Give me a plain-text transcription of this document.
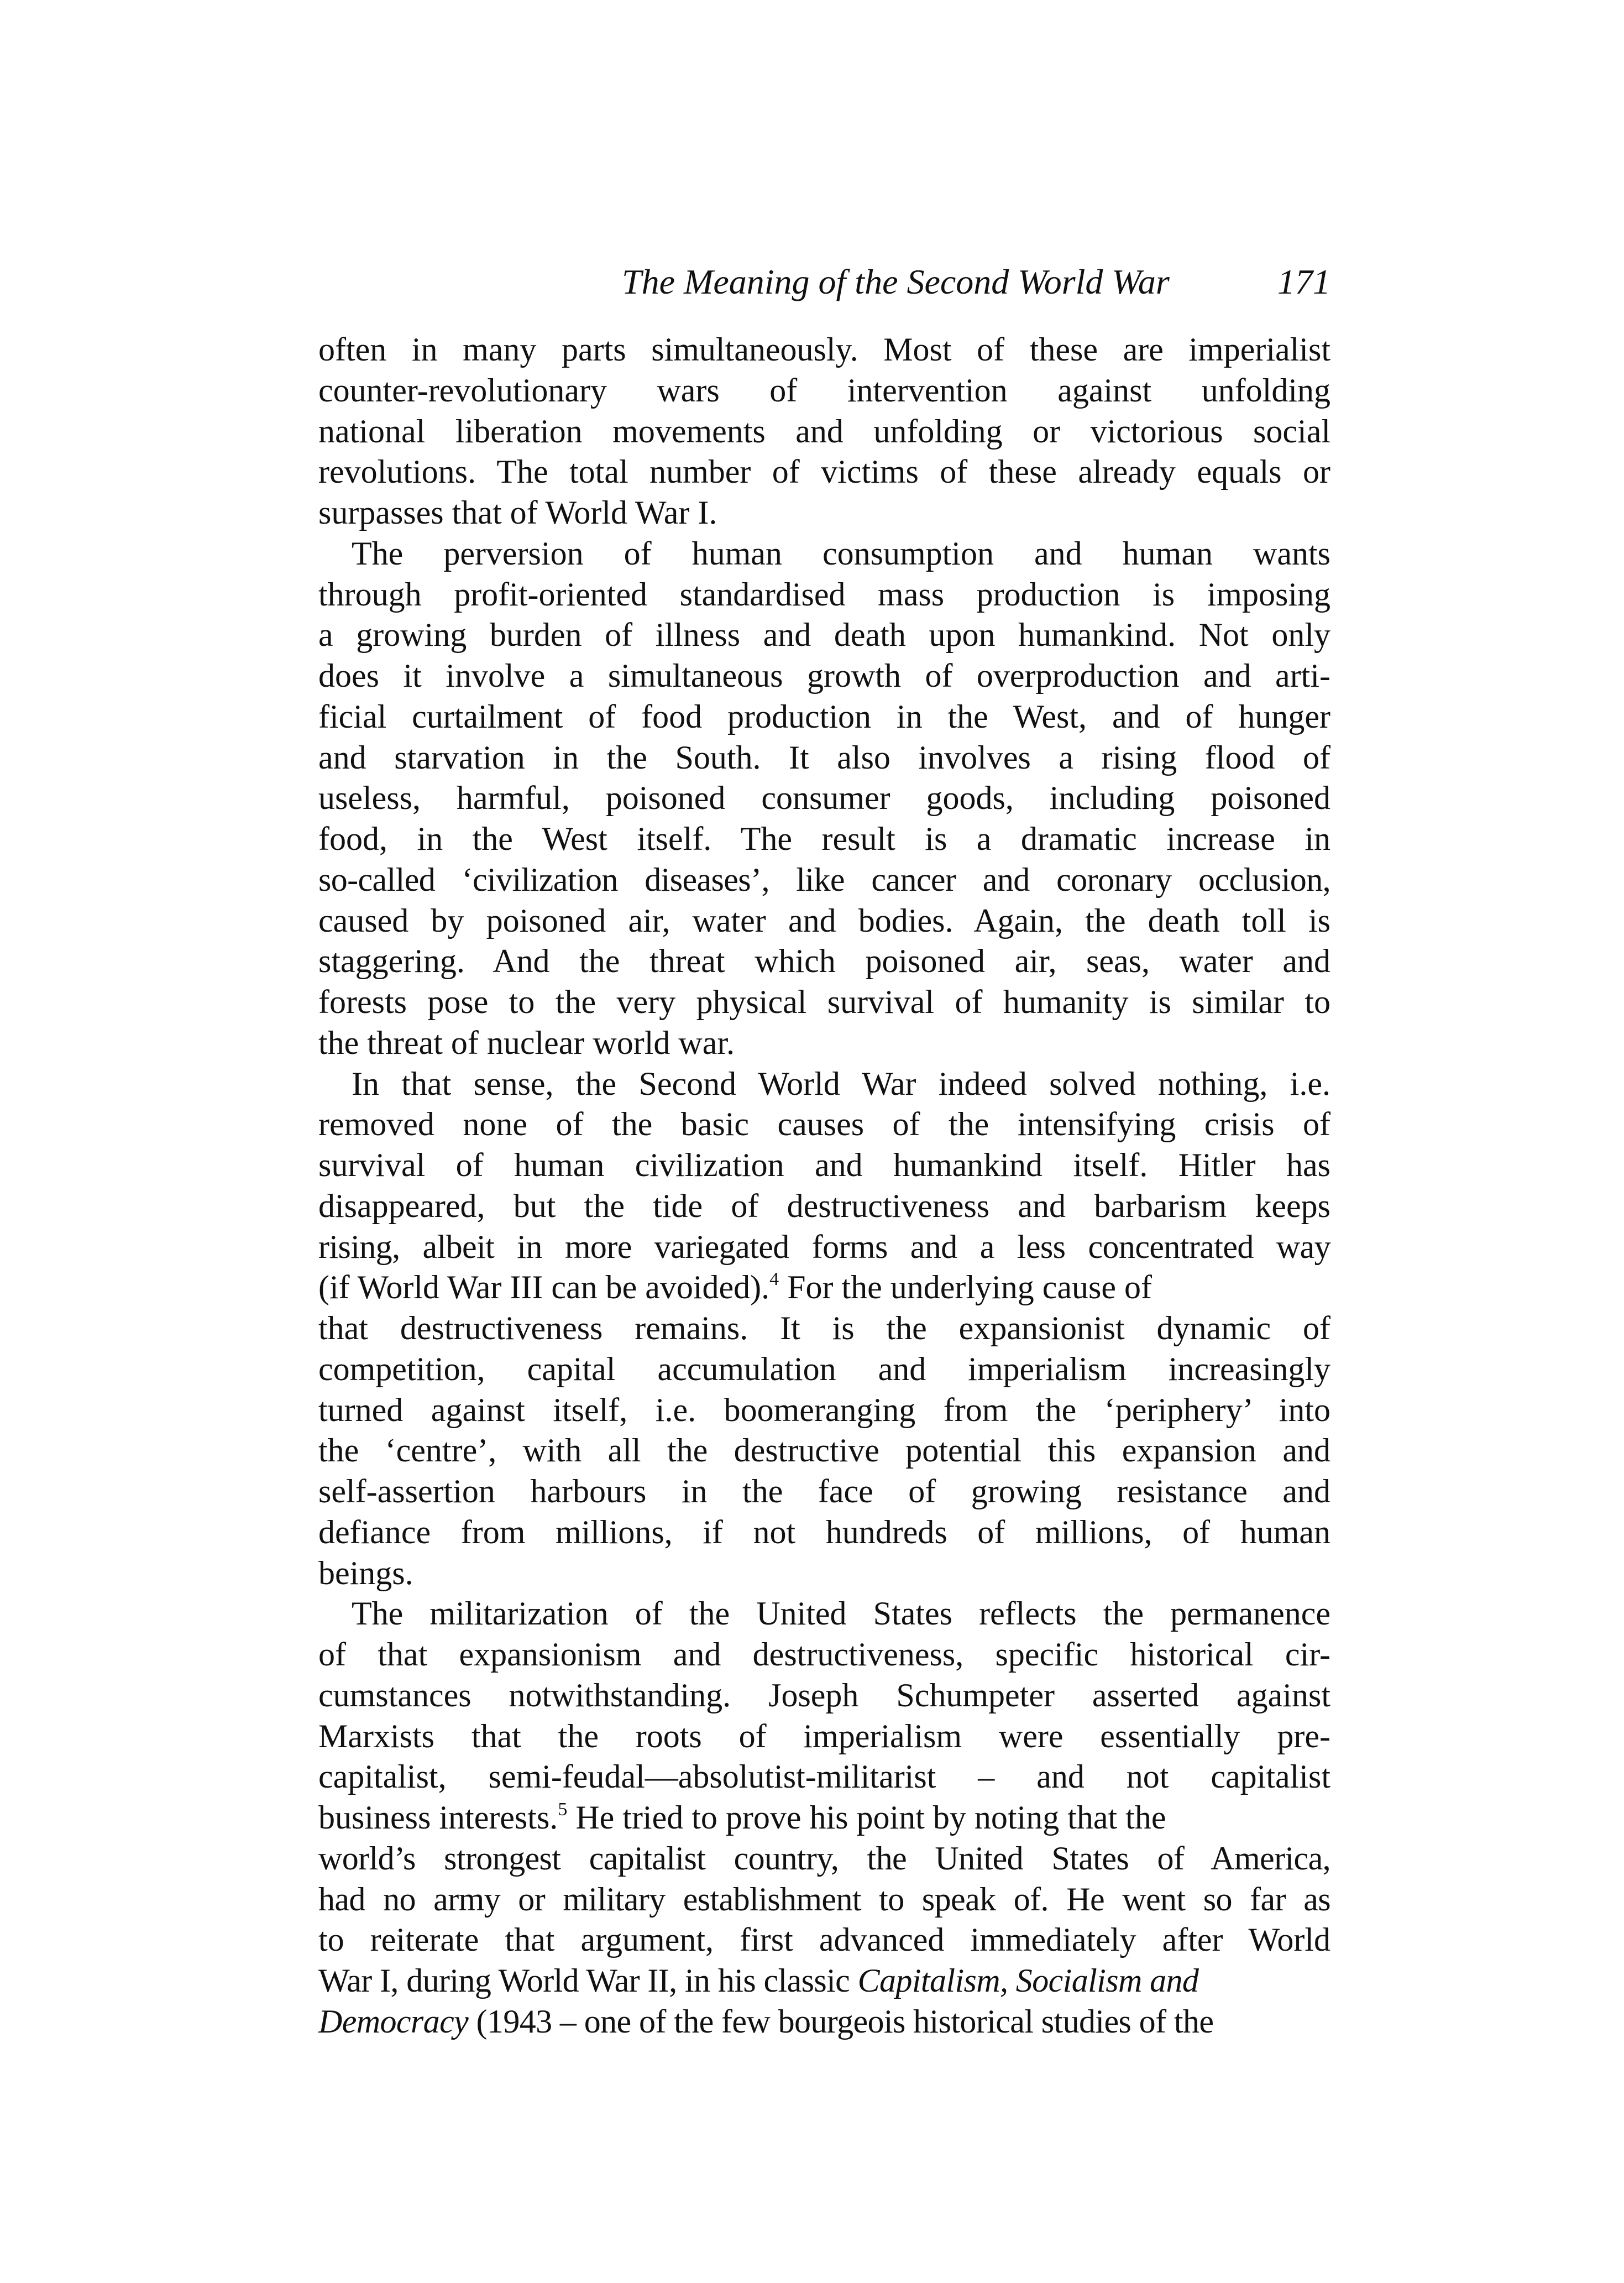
The Meaning of the Second World War	171
often in many parts simultaneously. Most of these are imperialist
counter-revolutionary wars of intervention against unfolding
national liberation movements and unfolding or victorious social
revolutions. The total number of victims of these already equals or
surpasses that of World War I.
The perversion of human consumption and human wants
through profit-oriented standardised mass production is imposing
a growing burden of illness and death upon humankind. Not only
does it involve a simultaneous growth of overproduction and arti-
ficial curtailment of food production in the West, and of hunger
and starvation in the South. It also involves a rising flood of
useless, harmful, poisoned consumer goods, including poisoned
food, in the West itself. The result is a dramatic increase in
so-called ‘civilization diseases’, like cancer and coronary occlusion,
caused by poisoned air, water and bodies. Again, the death toll is
staggering. And the threat which poisoned air, seas, water and
forests pose to the very physical survival of humanity is similar to
the threat of nuclear world war.
In that sense, the Second World War indeed solved nothing, i.e.
removed none of the basic causes of the intensifying crisis of
survival of human civilization and humankind itself. Hitler has
disappeared, but the tide of destructiveness and barbarism keeps
rising, albeit in more variegated forms and a less concentrated way
(if World War III can be avoided).$^4$ For the underlying cause of
that destructiveness remains. It is the expansionist dynamic of
competition, capital accumulation and imperialism increasingly
turned against itself, i.e. boomeranging from the ‘periphery’ into
the ‘centre’, with all the destructive potential this expansion and
self-assertion harbours in the face of growing resistance and
defiance from millions, if not hundreds of millions, of human
beings.
The militarization of the United States reflects the permanence
of that expansionism and destructiveness, specific historical cir-
cumstances notwithstanding. Joseph Schumpeter asserted against
Marxists that the roots of imperialism were essentially pre-
capitalist, semi-feudal—absolutist-militarist – and not capitalist
business interests.$^5$ He tried to prove his point by noting that the
world’s strongest capitalist country, the United States of America,
had no army or military establishment to speak of. He went so far as
to reiterate that argument, first advanced immediately after World
War I, during World War II, in his classic Capitalism, Socialism and
Democracy (1943 – one of the few bourgeois historical studies of the
